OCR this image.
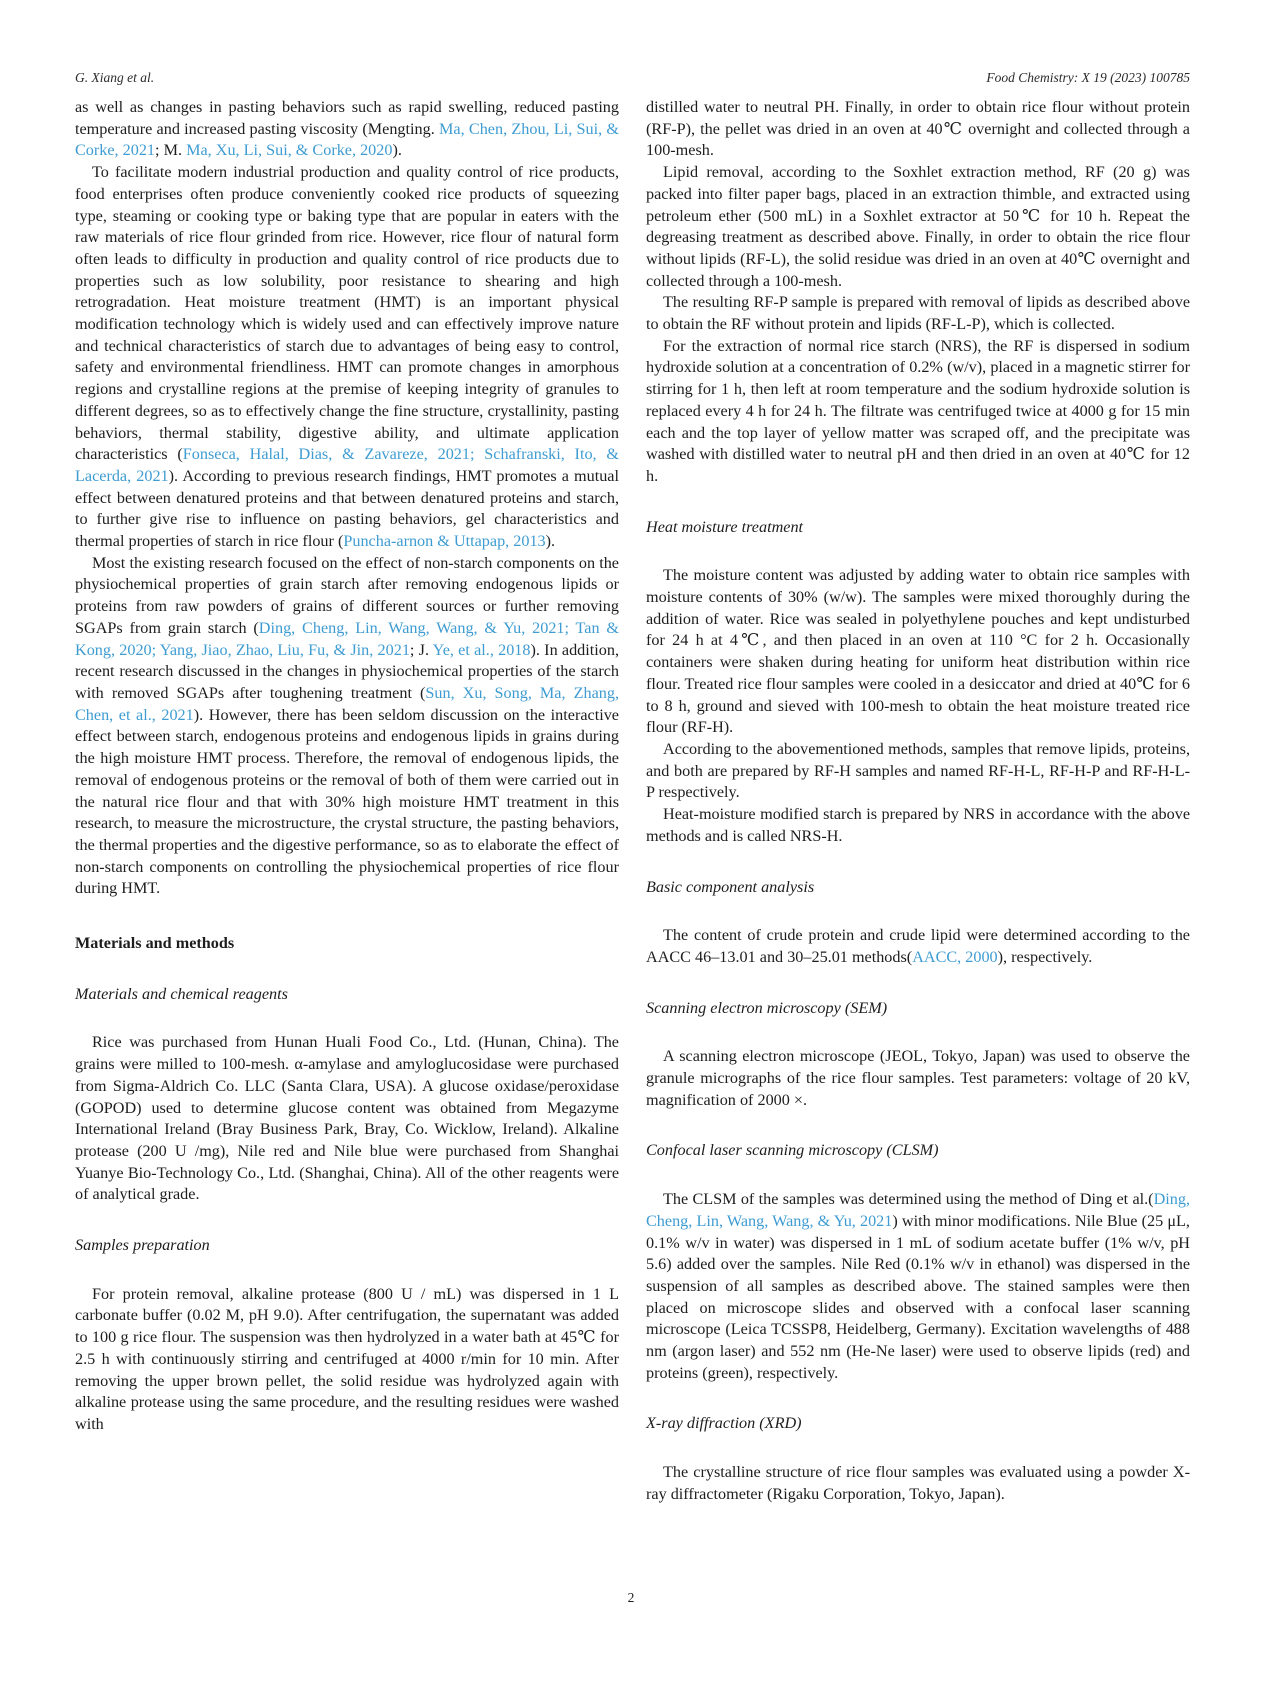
G. Xiang et al.	Food Chemistry: X 19 (2023) 100785

as well as changes in pasting behaviors such as rapid swelling, reduced pasting temperature and increased pasting viscosity (Mengting. Ma, Chen, Zhou, Li, Sui, & Corke, 2021; M. Ma, Xu, Li, Sui, & Corke, 2020).

To facilitate modern industrial production and quality control of rice products, food enterprises often produce conveniently cooked rice products of squeezing type, steaming or cooking type or baking type that are popular in eaters with the raw materials of rice flour grinded from rice. However, rice flour of natural form often leads to difficulty in production and quality control of rice products due to properties such as low solubility, poor resistance to shearing and high retrogradation. Heat moisture treatment (HMT) is an important physical modification technology which is widely used and can effectively improve nature and technical characteristics of starch due to advantages of being easy to control, safety and environmental friendliness. HMT can promote changes in amorphous regions and crystalline regions at the premise of keeping integrity of granules to different degrees, so as to effectively change the fine structure, crystallinity, pasting behaviors, thermal stability, digestive ability, and ultimate application characteristics (Fonseca, Halal, Dias, & Zavareze, 2021; Schafranski, Ito, & Lacerda, 2021). According to previous research findings, HMT promotes a mutual effect between denatured proteins and that between denatured proteins and starch, to further give rise to influence on pasting behaviors, gel characteristics and thermal properties of starch in rice flour (Puncha-arnon & Uttapap, 2013).

Most the existing research focused on the effect of non-starch components on the physiochemical properties of grain starch after removing endogenous lipids or proteins from raw powders of grains of different sources or further removing SGAPs from grain starch (Ding, Cheng, Lin, Wang, Wang, & Yu, 2021; Tan & Kong, 2020; Yang, Jiao, Zhao, Liu, Fu, & Jin, 2021; J. Ye, et al., 2018). In addition, recent research discussed in the changes in physiochemical properties of the starch with removed SGAPs after toughening treatment (Sun, Xu, Song, Ma, Zhang, Chen, et al., 2021). However, there has been seldom discussion on the interactive effect between starch, endogenous proteins and endogenous lipids in grains during the high moisture HMT process. Therefore, the removal of endogenous lipids, the removal of endogenous proteins or the removal of both of them were carried out in the natural rice flour and that with 30% high moisture HMT treatment in this research, to measure the microstructure, the crystal structure, the pasting behaviors, the thermal properties and the digestive performance, so as to elaborate the effect of non-starch components on controlling the physiochemical properties of rice flour during HMT.

Materials and methods
Materials and chemical reagents

Rice was purchased from Hunan Huali Food Co., Ltd. (Hunan, China). The grains were milled to 100-mesh. α-amylase and amyloglucosidase were purchased from Sigma-Aldrich Co. LLC (Santa Clara, USA). A glucose oxidase/peroxidase (GOPOD) used to determine glucose content was obtained from Megazyme International Ireland (Bray Business Park, Bray, Co. Wicklow, Ireland). Alkaline protease (200 U /mg), Nile red and Nile blue were purchased from Shanghai Yuanye Bio-Technology Co., Ltd. (Shanghai, China). All of the other reagents were of analytical grade.

Samples preparation

For protein removal, alkaline protease (800 U / mL) was dispersed in 1 L carbonate buffer (0.02 M, pH 9.0). After centrifugation, the supernatant was added to 100 g rice flour. The suspension was then hydrolyzed in a water bath at 45℃ for 2.5 h with continuously stirring and centrifuged at 4000 r/min for 10 min. After removing the upper brown pellet, the solid residue was hydrolyzed again with alkaline protease using the same procedure, and the resulting residues were washed with

distilled water to neutral PH. Finally, in order to obtain rice flour without protein (RF-P), the pellet was dried in an oven at 40℃ overnight and collected through a 100-mesh.

Lipid removal, according to the Soxhlet extraction method, RF (20 g) was packed into filter paper bags, placed in an extraction thimble, and extracted using petroleum ether (500 mL) in a Soxhlet extractor at 50℃ for 10 h. Repeat the degreasing treatment as described above. Finally, in order to obtain the rice flour without lipids (RF-L), the solid residue was dried in an oven at 40℃ overnight and collected through a 100-mesh.

The resulting RF-P sample is prepared with removal of lipids as described above to obtain the RF without protein and lipids (RF-L-P), which is collected.

For the extraction of normal rice starch (NRS), the RF is dispersed in sodium hydroxide solution at a concentration of 0.2% (w/v), placed in a magnetic stirrer for stirring for 1 h, then left at room temperature and the sodium hydroxide solution is replaced every 4 h for 24 h. The filtrate was centrifuged twice at 4000 g for 15 min each and the top layer of yellow matter was scraped off, and the precipitate was washed with distilled water to neutral pH and then dried in an oven at 40℃ for 12 h.

Heat moisture treatment

The moisture content was adjusted by adding water to obtain rice samples with moisture contents of 30% (w/w). The samples were mixed thoroughly during the addition of water. Rice was sealed in polyethylene pouches and kept undisturbed for 24 h at 4℃, and then placed in an oven at 110 °C for 2 h. Occasionally containers were shaken during heating for uniform heat distribution within rice flour. Treated rice flour samples were cooled in a desiccator and dried at 40℃ for 6 to 8 h, ground and sieved with 100-mesh to obtain the heat moisture treated rice flour (RF-H).

According to the abovementioned methods, samples that remove lipids, proteins, and both are prepared by RF-H samples and named RF-H-L, RF-H-P and RF-H-L-P respectively.

Heat-moisture modified starch is prepared by NRS in accordance with the above methods and is called NRS-H.

Basic component analysis

The content of crude protein and crude lipid were determined according to the AACC 46–13.01 and 30–25.01 methods(AACC, 2000), respectively.

Scanning electron microscopy (SEM)

A scanning electron microscope (JEOL, Tokyo, Japan) was used to observe the granule micrographs of the rice flour samples. Test parameters: voltage of 20 kV, magnification of 2000 ×.

Confocal laser scanning microscopy (CLSM)

The CLSM of the samples was determined using the method of Ding et al.(Ding, Cheng, Lin, Wang, Wang, & Yu, 2021) with minor modifications. Nile Blue (25 μL, 0.1% w/v in water) was dispersed in 1 mL of sodium acetate buffer (1% w/v, pH 5.6) added over the samples. Nile Red (0.1% w/v in ethanol) was dispersed in the suspension of all samples as described above. The stained samples were then placed on microscope slides and observed with a confocal laser scanning microscope (Leica TCSSP8, Heidelberg, Germany). Excitation wavelengths of 488 nm (argon laser) and 552 nm (He-Ne laser) were used to observe lipids (red) and proteins (green), respectively.

X-ray diffraction (XRD)

The crystalline structure of rice flour samples was evaluated using a powder X-ray diffractometer (Rigaku Corporation, Tokyo, Japan).

2
